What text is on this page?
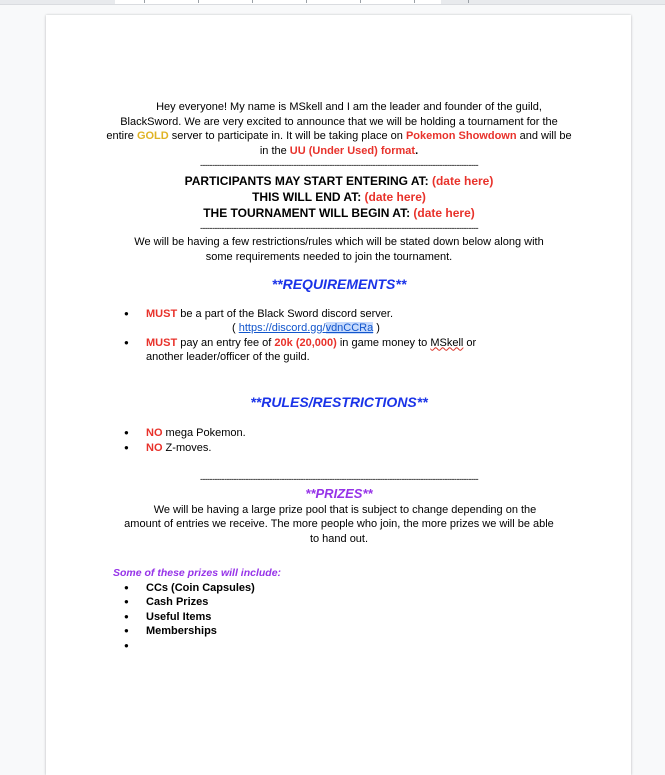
Hey everyone! My name is MSkell and I am the leader and founder of the guild,
BlackSword. We are very excited to announce that we will be holding a tournament for the
entire GOLD server to participate in. It will be taking place on Pokemon Showdown and will be
in the UU (Under Used) format.
--------------------------------------------------------------------------------------------------------------------
PARTICIPANTS MAY START ENTERING AT: (date here)
THIS WILL END AT: (date here)
THE TOURNAMENT WILL BEGIN AT: (date here)
--------------------------------------------------------------------------------------------------------------------
We will be having a few restrictions/rules which will be stated down below along with
some requirements needed to join the tournament.
**REQUIREMENTS**
● MUST be a part of the Black Sword discord server.
( https://discord.gg/vdnCCRa )
● MUST pay an entry fee of 20k (20,000) in game money to MSkell or
another leader/officer of the guild.
**RULES/RESTRICTIONS**
● NO mega Pokemon.
● NO Z-moves.
--------------------------------------------------------------------------------------------------------------------
**PRIZES**
We will be having a large prize pool that is subject to change depending on the
amount of entries we receive. The more people who join, the more prizes we will be able
to hand out.
Some of these prizes will include:
● CCs (Coin Capsules)
● Cash Prizes
● Useful Items
● Memberships
●
